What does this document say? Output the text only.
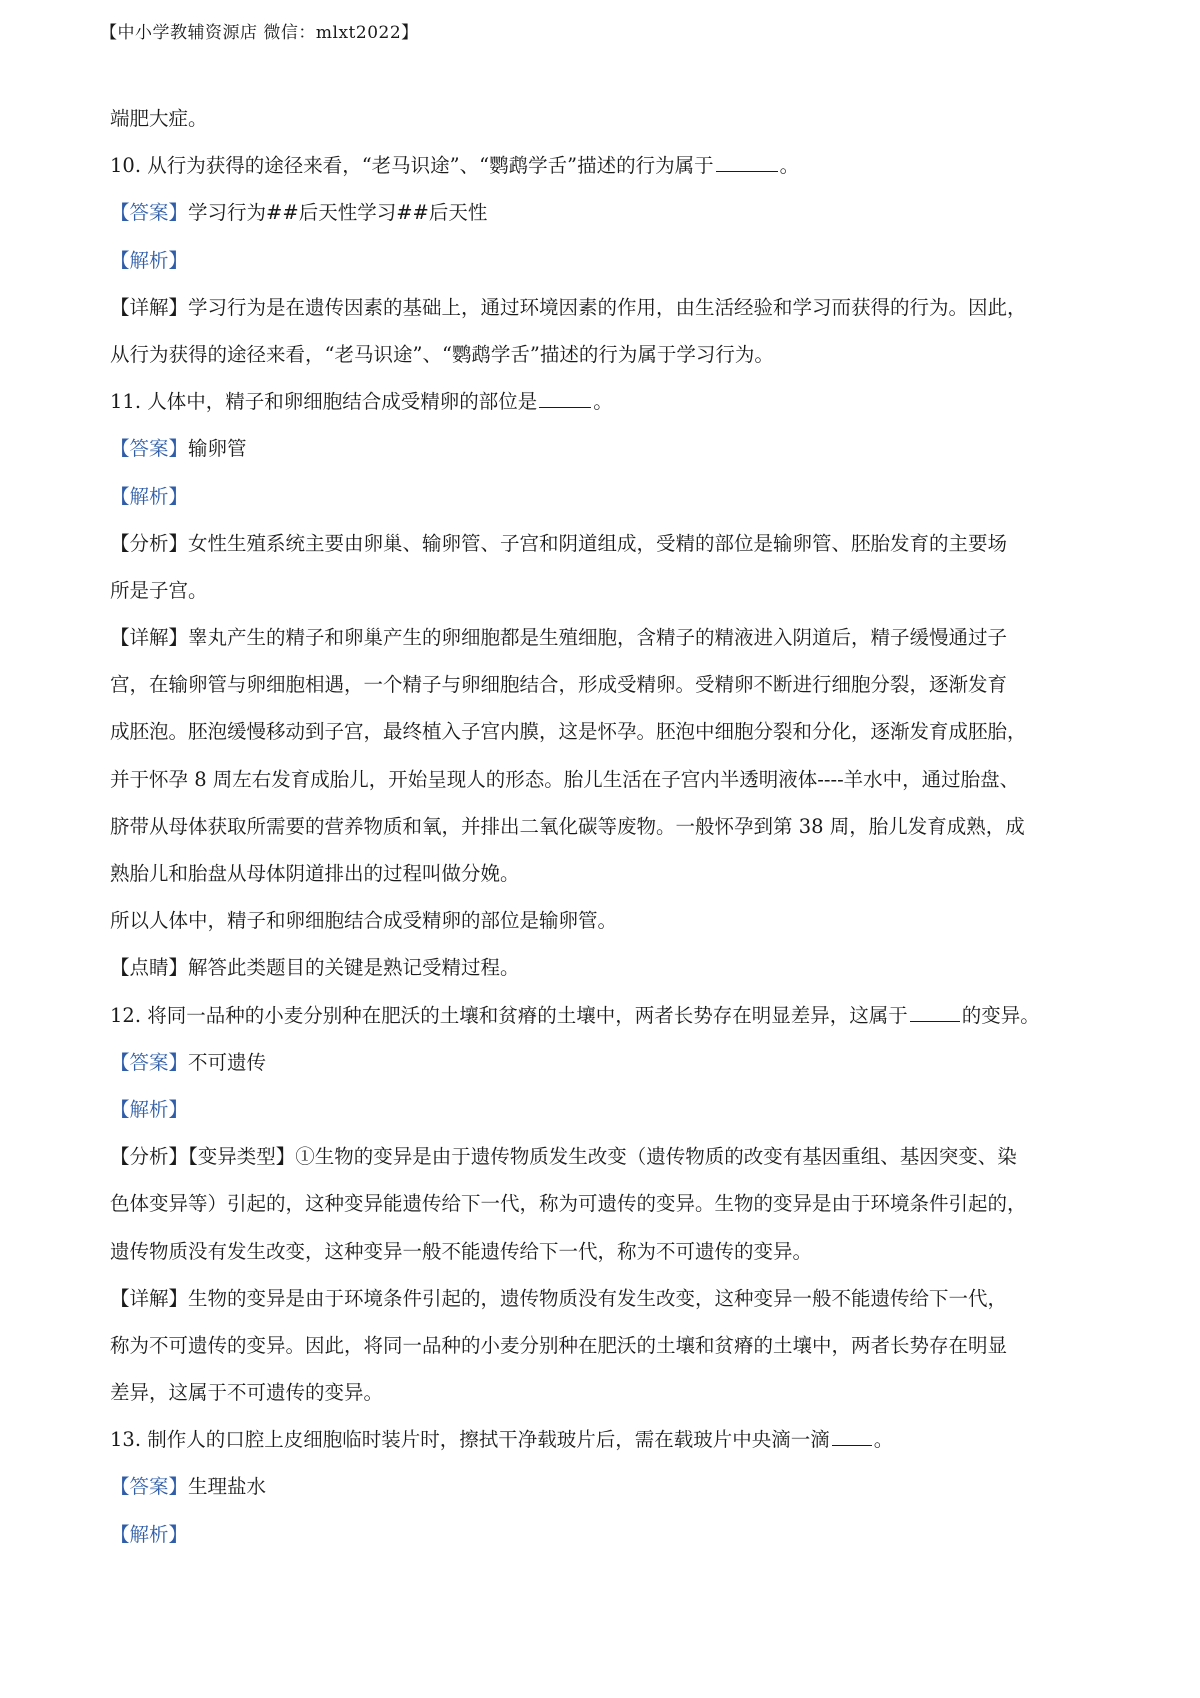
【中小学教辅资源店 微信：mlxt2022】
端肥大症。
10. 从行为获得的途径来看，“老马识途”、“鹦鹉学舌”描述的行为属于	。
【答案】学习行为##后天性学习##后天性
【解析】
【详解】学习行为是在遗传因素的基础上，通过环境因素的作用，由生活经验和学习而获得的行为。因此，
从行为获得的途径来看，“老马识途”、“鹦鹉学舌”描述的行为属于学习行为。
11. 人体中，精子和卵细胞结合成受精卵的部位是	。
【答案】输卵管
【解析】
【分析】女性生殖系统主要由卵巢、输卵管、子宫和阴道组成，受精的部位是输卵管、胚胎发育的主要场
所是子宫。
【详解】睾丸产生的精子和卵巢产生的卵细胞都是生殖细胞，含精子的精液进入阴道后，精子缓慢通过子
宫，在输卵管与卵细胞相遇，一个精子与卵细胞结合，形成受精卵。受精卵不断进行细胞分裂，逐渐发育
成胚泡。胚泡缓慢移动到子宫，最终植入子宫内膜，这是怀孕。胚泡中细胞分裂和分化，逐渐发育成胚胎，
并于怀孕 8 周左右发育成胎儿，开始呈现人的形态。胎儿生活在子宫内半透明液体----羊水中，通过胎盘、
脐带从母体获取所需要的营养物质和氧，并排出二氧化碳等废物。一般怀孕到第 38 周，胎儿发育成熟，成
熟胎儿和胎盘从母体阴道排出的过程叫做分娩。
所以人体中，精子和卵细胞结合成受精卵的部位是输卵管。
【点睛】解答此类题目的关键是熟记受精过程。
12. 将同一品种的小麦分别种在肥沃的土壤和贫瘠的土壤中，两者长势存在明显差异，这属于	的变异。
【答案】不可遗传
【解析】
【分析】【变异类型】①生物的变异是由于遗传物质发生改变（遗传物质的改变有基因重组、基因突变、染
色体变异等）引起的，这种变异能遗传给下一代，称为可遗传的变异。生物的变异是由于环境条件引起的，
遗传物质没有发生改变，这种变异一般不能遗传给下一代，称为不可遗传的变异。
【详解】生物的变异是由于环境条件引起的，遗传物质没有发生改变，这种变异一般不能遗传给下一代，
称为不可遗传的变异。因此，将同一品种的小麦分别种在肥沃的土壤和贫瘠的土壤中，两者长势存在明显
差异，这属于不可遗传的变异。
13. 制作人的口腔上皮细胞临时装片时，擦拭干净载玻片后，需在载玻片中央滴一滴 。
【答案】生理盐水
【解析】
